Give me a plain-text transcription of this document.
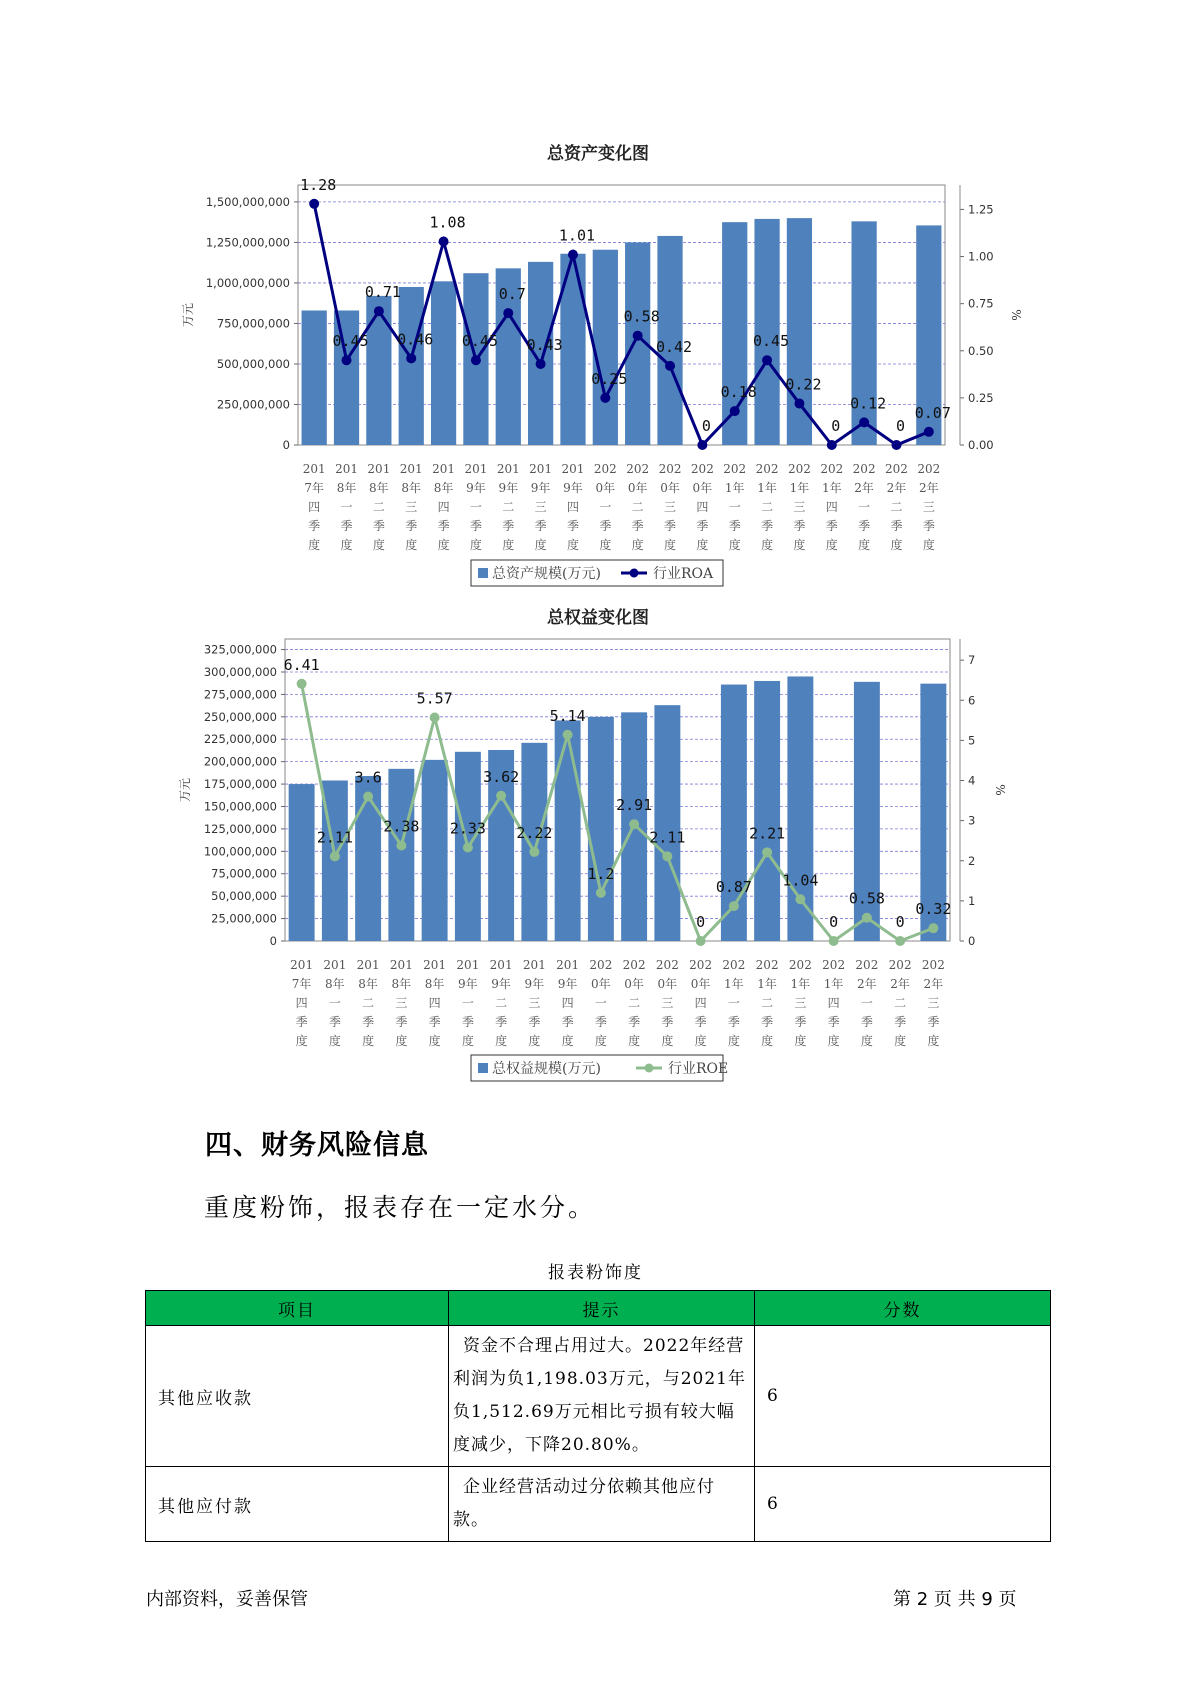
总资产变化图
1,500,000,000
1,250,000,000
1,000,000,000
750,000,000
500,000,000
250,000,000
0
1.25
1.00
0.75
0.50
0.25
0.00
万元	%
1.28
0.45
0.71
0.46
1.08
0.45
0.7
0.43
1.01
0.25
0.58
0.42
0
0.18
0.45
0.22
0
0.12
0
0.07
201
7年
四
季
度
201
8年
一
季
度
201
8年
二
季
度
201
8年
三
季
度
201
8年
四
季
度
201
9年
一
季
度
201
9年
二
季
度
201
9年
三
季
度
201
9年
四
季
度
202
0年
一
季
度
202
0年
二
季
度
202
0年
三
季
度
202
0年
四
季
度
202
1年
一
季
度
202
1年
二
季
度
202
1年
三
季
度
202
1年
四
季
度
202
2年
一
季
度
202
2年
二
季
度
202
2年
三
季
度
总资产规模(万元)	行业ROA
总权益变化图
325,000,000
300,000,000
275,000,000
250,000,000
225,000,000
200,000,000
175,000,000
150,000,000
125,000,000
100,000,000
75,000,000
50,000,000
25,000,000
0
7
6
5
4
3
2
1
0
万元	%
6.41
2.11
3.6
2.38
5.57
2.33
3.62
2.22
5.14
1.2
2.91
2.11
0
0.87
2.21
1.04
0
0.58
0
0.32
201
7年
四
季
度
201
8年
一
季
度
201
8年
二
季
度
201
8年
三
季
度
201
8年
四
季
度
201
9年
一
季
度
201
9年
二
季
度
201
9年
三
季
度
201
9年
四
季
度
202
0年
一
季
度
202
0年
二
季
度
202
0年
三
季
度
202
0年
四
季
度
202
1年
一
季
度
202
1年
二
季
度
202
1年
三
季
度
202
1年
四
季
度
202
2年
一
季
度
202
2年
二
季
度
202
2年
三
季
度
总权益规模(万元)	行业ROE
四、财务风险信息
重度粉饰，报表存在一定水分。
报表粉饰度
项目	提示	分数
其他应收款	资金不合理占用过大。2022年经营利润为负1,198.03万元，与2021年负1,512.69万元相比亏损有较大幅度减少，下降20.80%。	6
其他应付款	企业经营活动过分依赖其他应付款。	6
内部资料，妥善保管	第 2 页 共 9 页
